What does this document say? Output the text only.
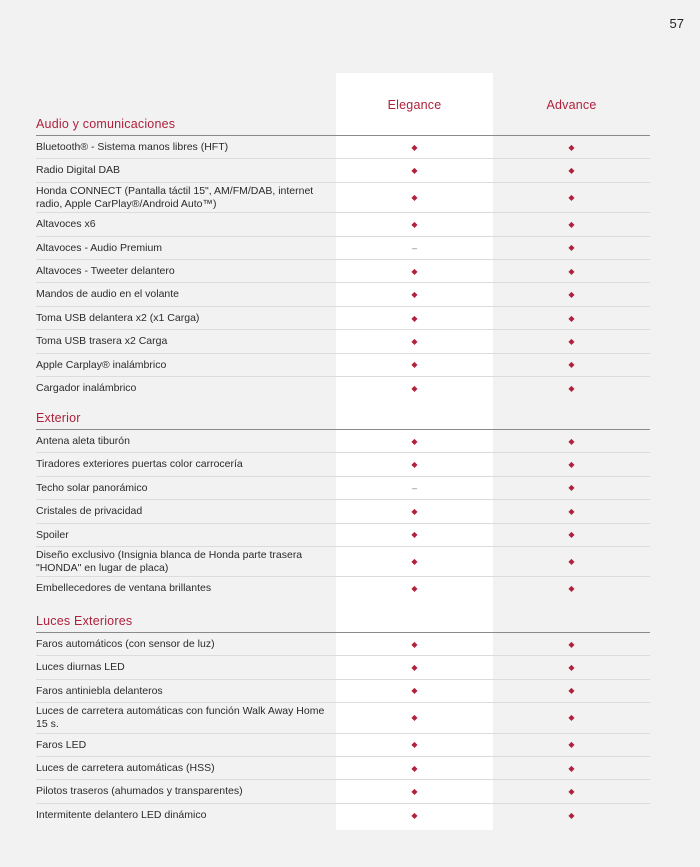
57
Elegance	Advance
Audio y comunicaciones
Bluetooth® - Sistema manos libres (HFT)	◆	◆
Radio Digital DAB	◆	◆
Honda CONNECT (Pantalla táctil 15", AM/FM/DAB, internet radio, Apple CarPlay®/Android Auto™)	◆	◆
Altavoces x6	◆	◆
Altavoces - Audio Premium	–	◆
Altavoces - Tweeter delantero	◆	◆
Mandos de audio en el volante	◆	◆
Toma USB delantera x2 (x1 Carga)	◆	◆
Toma USB trasera x2 Carga	◆	◆
Apple Carplay® inalámbrico	◆	◆
Cargador inalámbrico	◆	◆
Exterior
Antena aleta tiburón	◆	◆
Tiradores exteriores puertas color carrocería	◆	◆
Techo solar panorámico	–	◆
Cristales de privacidad	◆	◆
Spoiler	◆	◆
Diseño exclusivo (Insignia blanca de Honda parte trasera "HONDA" en lugar de placa)	◆	◆
Embellecedores de ventana brillantes	◆	◆
Luces Exteriores
Faros automáticos (con sensor de luz)	◆	◆
Luces diurnas LED	◆	◆
Faros antiniebla delanteros	◆	◆
Luces de carretera automáticas con función Walk Away Home 15 s.	◆	◆
Faros LED	◆	◆
Luces de carretera automáticas (HSS)	◆	◆
Pilotos traseros (ahumados y transparentes)	◆	◆
Intermitente delantero LED dinámico	◆	◆
